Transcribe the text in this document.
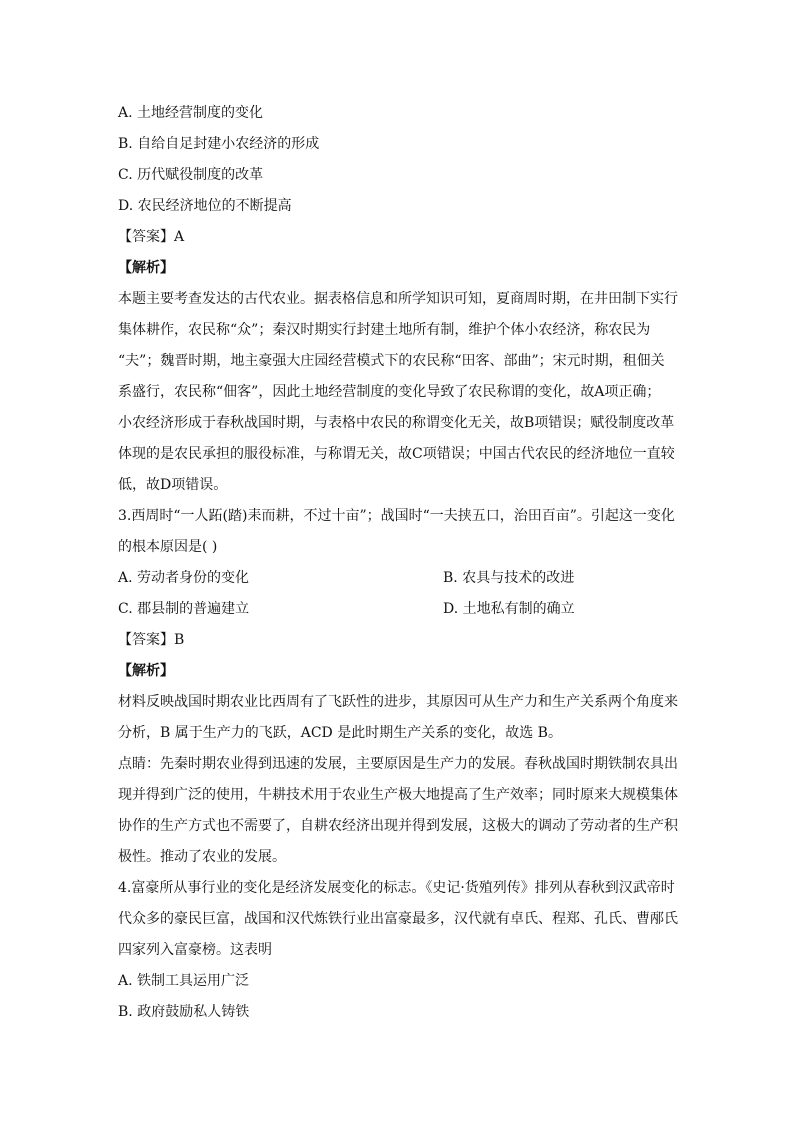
A. 土地经营制度的变化
B. 自给自足封建小农经济的形成
C. 历代赋役制度的改革
D. 农民经济地位的不断提高
【答案】A
【解析】
本题主要考查发达的古代农业。据表格信息和所学知识可知，夏商周时期，在井田制下实行
集体耕作，农民称“众”；秦汉时期实行封建土地所有制，维护个体小农经济，称农民为
“夫”；魏晋时期，地主豪强大庄园经营模式下的农民称“田客、部曲”；宋元时期，租佃关
系盛行，农民称“佃客”，因此土地经营制度的变化导致了农民称谓的变化，故A项正确；
小农经济形成于春秋战国时期，与表格中农民的称谓变化无关，故B项错误；赋役制度改革
体现的是农民承担的服役标准，与称谓无关，故C项错误；中国古代农民的经济地位一直较
低，故D项错误。
3.西周时“一人跖(踏)耒而耕，不过十亩”；战国时“一夫挟五口，治田百亩”。引起这一变化
的根本原因是( )
A. 劳动者身份的变化	B. 农具与技术的改进
C. 郡县制的普遍建立	D. 土地私有制的确立
【答案】B
【解析】
材料反映战国时期农业比西周有了飞跃性的进步，其原因可从生产力和生产关系两个角度来
分析，B 属于生产力的飞跃，ACD 是此时期生产关系的变化，故选 B。
点睛：先秦时期农业得到迅速的发展，主要原因是生产力的发展。春秋战国时期铁制农具出
现并得到广泛的使用，牛耕技术用于农业生产极大地提高了生产效率；同时原来大规模集体
协作的生产方式也不需要了，自耕农经济出现并得到发展，这极大的调动了劳动者的生产积
极性。推动了农业的发展。
4.富豪所从事行业的变化是经济发展变化的标志。《史记·货殖列传》排列从春秋到汉武帝时
代众多的豪民巨富，战国和汉代炼铁行业出富豪最多，汉代就有卓氏、程郑、孔氏、曹邴氏
四家列入富豪榜。这表明
A. 铁制工具运用广泛
B. 政府鼓励私人铸铁
